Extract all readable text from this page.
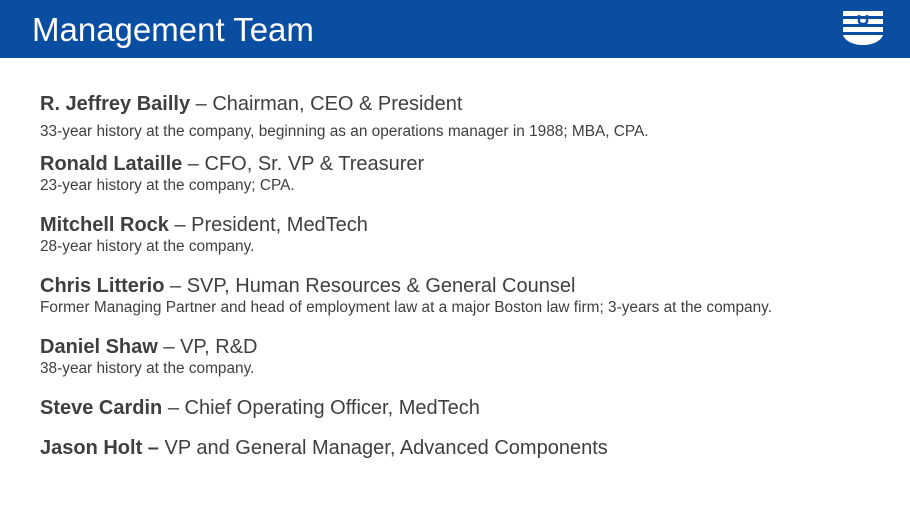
Management Team
R. Jeffrey Bailly – Chairman, CEO & President
33-year history at the company, beginning as an operations manager in 1988; MBA, CPA.
Ronald Lataille – CFO, Sr. VP & Treasurer
23-year history at the company; CPA.
Mitchell Rock – President, MedTech
28-year history at the company.
Chris Litterio – SVP, Human Resources & General Counsel
Former Managing Partner and head of employment law at a major Boston law firm; 3-years at the company.
Daniel Shaw – VP, R&D
38-year history at the company.
Steve Cardin – Chief Operating Officer, MedTech
Jason Holt – VP and General Manager, Advanced Components
